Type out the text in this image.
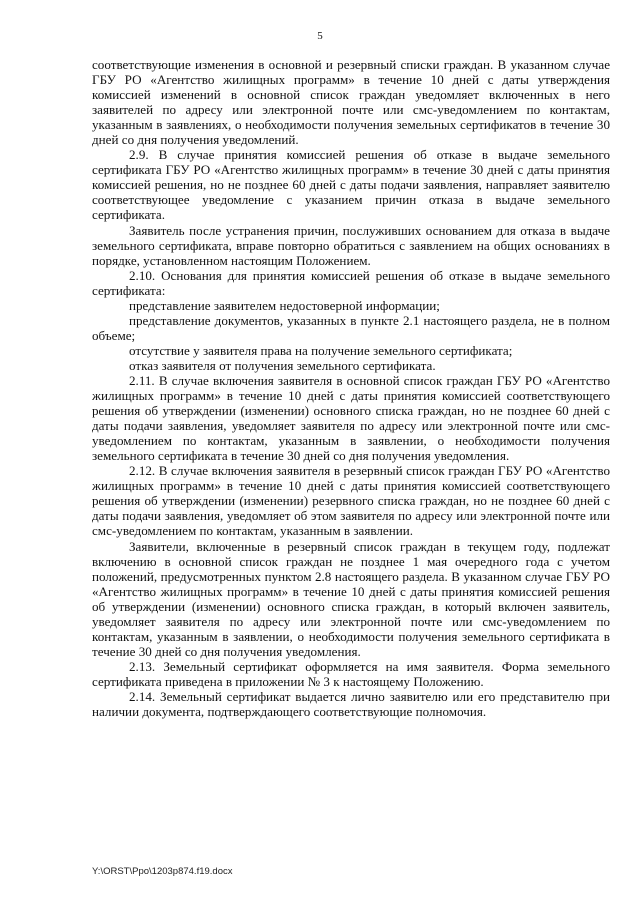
5

соответствующие изменения в основной и резервный списки граждан. В указанном случае ГБУ РО «Агентство жилищных программ» в течение 10 дней с даты утверждения комиссией изменений в основной список граждан уведомляет включенных в него заявителей по адресу или электронной почте или смс-уведомлением по контактам, указанным в заявлениях, о необходимости получения земельных сертификатов в течение 30 дней со дня получения уведомлений.

2.9. В случае принятия комиссией решения об отказе в выдаче земельного сертификата ГБУ РО «Агентство жилищных программ» в течение 30 дней с даты принятия комиссией решения, но не позднее 60 дней с даты подачи заявления, направляет заявителю соответствующее уведомление с указанием причин отказа в выдаче земельного сертификата.

Заявитель после устранения причин, послуживших основанием для отказа в выдаче земельного сертификата, вправе повторно обратиться с заявлением на общих основаниях в порядке, установленном настоящим Положением.

2.10. Основания для принятия комиссией решения об отказе в выдаче земельного сертификата:

представление заявителем недостоверной информации;

представление документов, указанных в пункте 2.1 настоящего раздела, не в полном объеме;

отсутствие у заявителя права на получение земельного сертификата;

отказ заявителя от получения земельного сертификата.

2.11. В случае включения заявителя в основной список граждан ГБУ РО «Агентство жилищных программ» в течение 10 дней с даты принятия комиссией соответствующего решения об утверждении (изменении) основного списка граждан, но не позднее 60 дней с даты подачи заявления, уведомляет заявителя по адресу или электронной почте или смс-уведомлением по контактам, указанным в заявлении, о необходимости получения земельного сертификата в течение 30 дней со дня получения уведомления.

2.12. В случае включения заявителя в резервный список граждан ГБУ РО «Агентство жилищных программ» в течение 10 дней с даты принятия комиссией соответствующего решения об утверждении (изменении) резервного списка граждан, но не позднее 60 дней с даты подачи заявления, уведомляет об этом заявителя по адресу или электронной почте или смс-уведомлением по контактам, указанным в заявлении.

Заявители, включенные в резервный список граждан в текущем году, подлежат включению в основной список граждан не позднее 1 мая очередного года с учетом положений, предусмотренных пунктом 2.8 настоящего раздела. В указанном случае ГБУ РО «Агентство жилищных программ» в течение 10 дней с даты принятия комиссией решения об утверждении (изменении) основного списка граждан, в который включен заявитель, уведомляет заявителя по адресу или электронной почте или смс-уведомлением по контактам, указанным в заявлении, о необходимости получения земельного сертификата в течение 30 дней со дня получения уведомления.

2.13. Земельный сертификат оформляется на имя заявителя. Форма земельного сертификата приведена в приложении № 3 к настоящему Положению.

2.14. Земельный сертификат выдается лично заявителю или его представителю при наличии документа, подтверждающего соответствующие полномочия.

Y:\ORST\Ppo\1203p874.f19.docx
